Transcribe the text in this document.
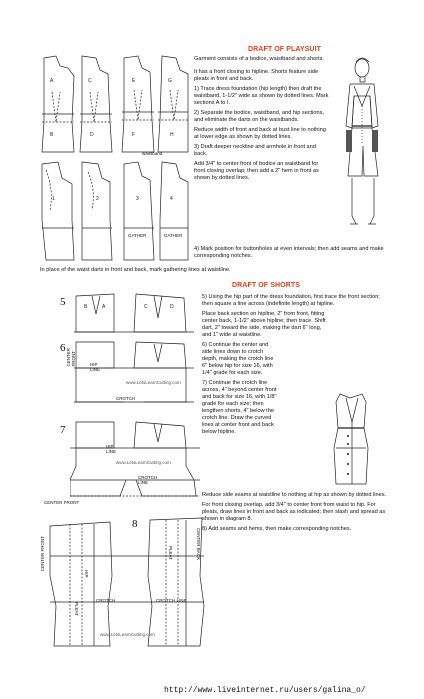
A
B
C
D
E
F
G
H
waistband
1	2	3	4
GATHER	GATHER
DRAFT OF PLAYSUIT

Garment consists of a bodice, waistband and shorts.

It has a front closing to hipline. Shorts feature side pleats in front and back.

1) Trace dress foundation (hip length) then draft the waistband, 1-1/2" wide as shown by dotted lines. Mark sections A to I.

2) Separate the bodice, waistband, and hip sections, and eliminate the darts on the waistbands.

Reduce width of front and back at bust line to nothing at lower edge as shown by dotted lines.

3) Draft deeper neckline and armhole in front and back.

Add 3/4" to center front of bodice an waistband for front closing overlap; then add a 2" hem in front as shown by dotted lines.

4) Mark position for buttonholes at even intervals; then add seams and make corresponding notches.

In place of the waist darts in front and back, mark gathering lines at waistline.
DRAFT OF SHORTS
5	B	A	C	D
6 CENTER FRONT	HIP LINE
CROTCH
www.LetsLearnCutting.com
7
HIP LINE
CROTCH LINE
www.LetsLearnCutting.com
CENTER FRONT
8
CENTER FRONT	CENTER BACK
HIP
PLEAT
CROTCH	CROTCH LINE
PLEAT
www.LetsLearnCutting.com

5) Using the hip part of the dress foundation, first trace the front section; then square a line across (indefinite length) at hipline.

Place back section on hipline, 2" from front, fitting center back, 1-1/2" above hipline; then trace. Shift dart, 2" toward the side, making the dart 6" long, and 1" wide at waistline.

6) Continue the center and side lines down to crotch depth, making the crotch line 6" below hip for size 16, with 1/4" grade for each size.

7) Continue the crotch line across, 4" beyond center front and back for size 16, with 1/8" grade for each size; then lengthen shorts, 4" below the crotch line. Draw the curved lines at center front and back below hipline.

Reduce side seams at waistline to nothing at hip as shown by dotted lines.

For front closing overlap, add 3/4" to center front from waist to hip. For pleats, draw lines in front and back as indicated; then slash and spread as shown in diagram 8.

8) Add seams and hems, then make corresponding notches.

http://www.liveinternet.ru/users/galina_o/
